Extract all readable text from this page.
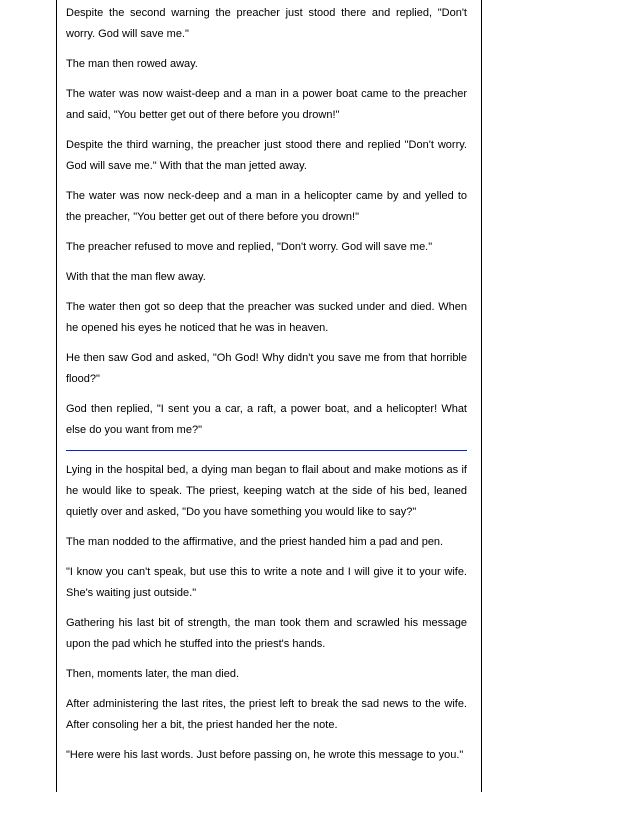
Despite the second warning the preacher just stood there and replied, "Don't worry. God will save me."

The man then rowed away.

The water was now waist-deep and a man in a power boat came to the preacher and said, "You better get out of there before you drown!"

Despite the third warning, the preacher just stood there and replied "Don't worry. God will save me." With that the man jetted away.

The water was now neck-deep and a man in a helicopter came by and yelled to the preacher, "You better get out of there before you drown!"

The preacher refused to move and replied, "Don't worry. God will save me."

With that the man flew away.

The water then got so deep that the preacher was sucked under and died. When he opened his eyes he noticed that he was in heaven.

He then saw God and asked, "Oh God! Why didn't you save me from that horrible flood?"

God then replied, "I sent you a car, a raft, a power boat, and a helicopter! What else do you want from me?"

Lying in the hospital bed, a dying man began to flail about and make motions as if he would like to speak. The priest, keeping watch at the side of his bed, leaned quietly over and asked, "Do you have something you would like to say?"

The man nodded to the affirmative, and the priest handed him a pad and pen.

"I know you can't speak, but use this to write a note and I will give it to your wife. She's waiting just outside."

Gathering his last bit of strength, the man took them and scrawled his message upon the pad which he stuffed into the priest's hands.

Then, moments later, the man died.

After administering the last rites, the priest left to break the sad news to the wife. After consoling her a bit, the priest handed her the note.

"Here were his last words. Just before passing on, he wrote this message to you."
